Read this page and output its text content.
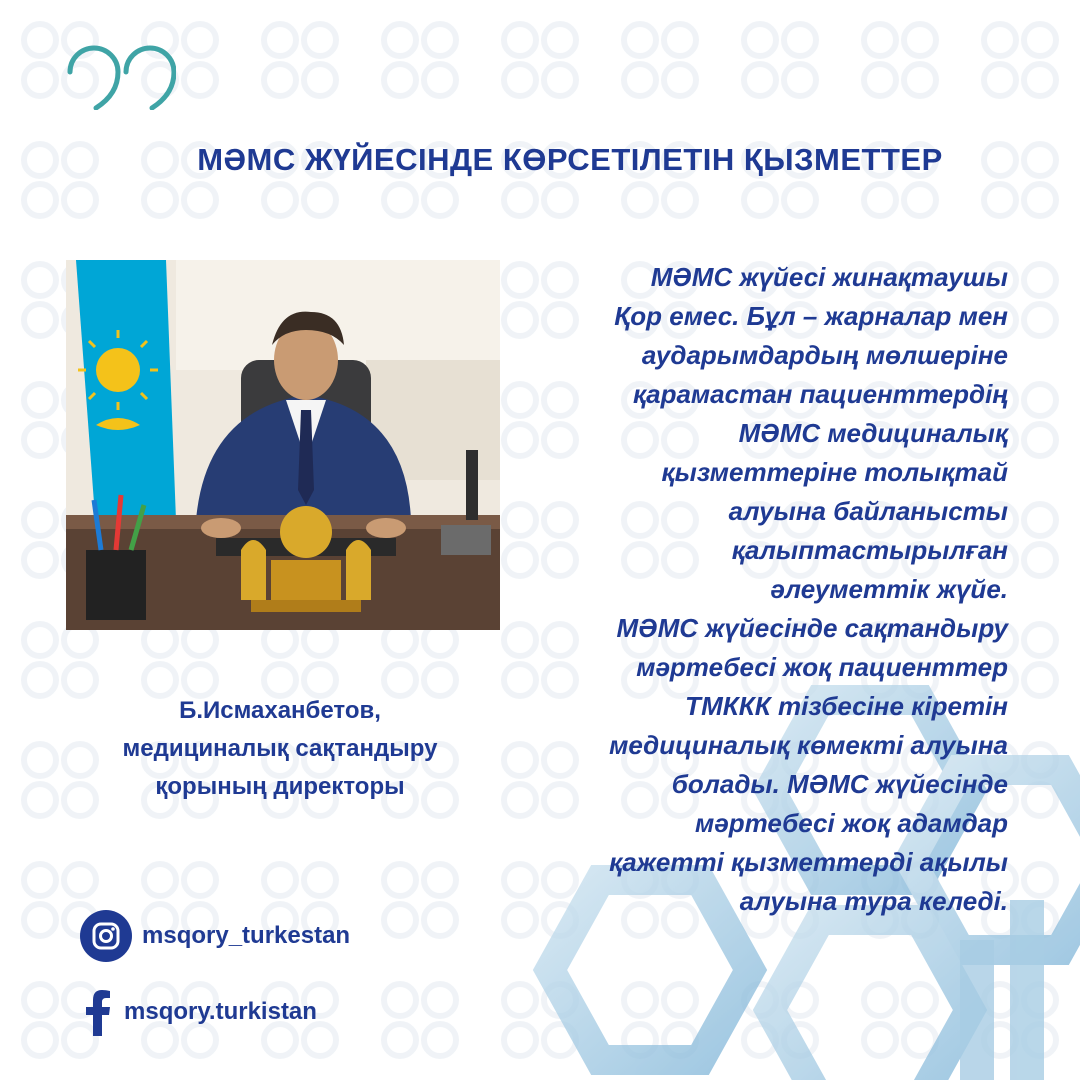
МӘМС ЖҮЙЕСІНДЕ КӨРСЕТІЛЕТІН ҚЫЗМЕТТЕР
Б.Исмаханбетов,
медициналық сақтандыру
қорының директоры
МӘМС жүйесі жинақтаушы
Қор емес. Бұл – жарналар мен
аударымдардың мөлшеріне
қарамастан пациенттердің
МӘМС медициналық
қызметтеріне толықтай
алуына байланысты
қалыптастырылған
әлеуметтік жүйе.
МӘМС жүйесінде сақтандыру
мәртебесі жоқ пациенттер
ТМККК тізбесіне кіретін
медициналық көмекті алуына
болады. МӘМС жүйесінде
мәртебесі жоқ адамдар
қажетті қызметтерді ақылы
алуына тура келеді.
msqory_turkestan
msqory.turkistan
